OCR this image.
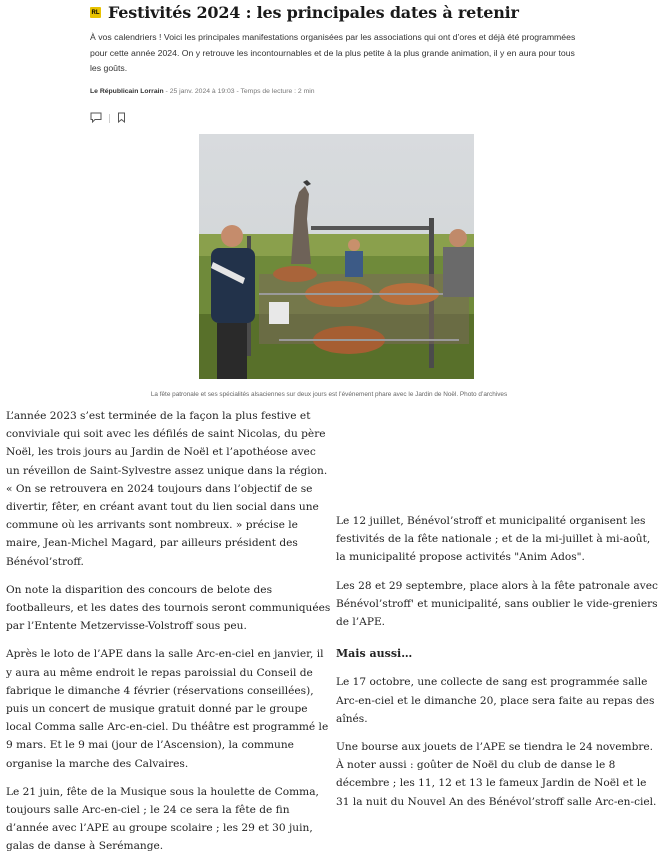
RL Festivités 2024 : les principales dates à retenir
À vos calendriers ! Voici les principales manifestations organisées par les associations qui ont d’ores et déjà été programmées pour cette année 2024. On y retrouve les incontournables et de la plus petite à la plus grande animation, il y en aura pour tous les goûts.
Le Républicain Lorrain - 25 janv. 2024 à 19:03 - Temps de lecture : 2 min
La fête patronale et ses spécialités alsaciennes sur deux jours est l’événement phare avec le Jardin de Noël. Photo d’archives

L’année 2023 s’est terminée de la façon la plus festive et conviviale qui soit avec les défilés de saint Nicolas, du père Noël, les trois jours au Jardin de Noël et l’apothéose avec un réveillon de Saint-Sylvestre assez unique dans la région. « On se retrouvera en 2024 toujours dans l’objectif de se divertir, fêter, en créant avant tout du lien social dans une commune où les arrivants sont nombreux. » précise le maire, Jean-Michel Magard, par ailleurs président des Bénévol’stroff.

On note la disparition des concours de belote des footballeurs, et les dates des tournois seront communiquées par l’Entente Metzervisse-Volstroff sous peu.

Après le loto de l’APE dans la salle Arc-en-ciel en janvier, il y aura au même endroit le repas paroissial du Conseil de fabrique le dimanche 4 février (réservations conseillées), puis un concert de musique gratuit donné par le groupe local Comma salle Arc-en-ciel. Du théâtre est programmé le 9 mars. Et le 9 mai (jour de l’Ascension), la commune organise la marche des Calvaires.

Le 21 juin, fête de la Musique sous la houlette de Comma, toujours salle Arc-en-ciel ; le 24 ce sera la fête de fin d’année avec l’APE au groupe scolaire ; les 29 et 30 juin, galas de danse à Serémange.

Le 12 juillet, Bénévol’stroff et municipalité organisent les festivités de la fête nationale ; et de la mi-juillet à mi-août, la municipalité propose activités "Anim Ados".

Les 28 et 29 septembre, place alors à la fête patronale avec Bénévol’stroff' et municipalité, sans oublier le vide-greniers de l’APE.

Mais aussi…

Le 17 octobre, une collecte de sang est programmée salle Arc-en-ciel et le dimanche 20, place sera faite au repas des aînés.

Une bourse aux jouets de l’APE se tiendra le 24 novembre. À noter aussi : goûter de Noël du club de danse le 8 décembre ; les 11, 12 et 13 le fameux Jardin de Noël et le 31 la nuit du Nouvel An des Bénévol’stroff salle Arc-en-ciel.
